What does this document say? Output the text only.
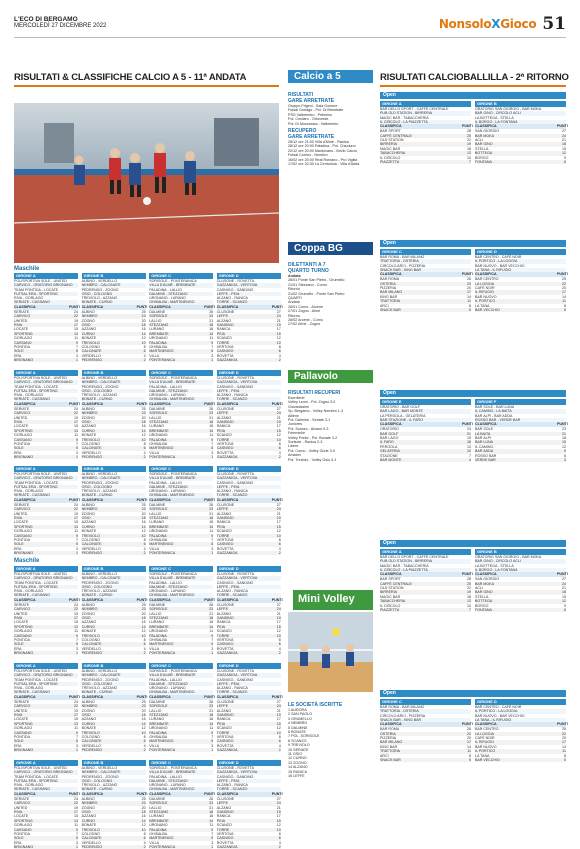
L'ECO DI BERGAMO
MERCOLEDÌ 27 DICEMBRE 2022	NonsoloXGioco 51
RISULTATI & CLASSIFICHE CALCIO A 5 - 11ª ANDATA
Maschile
GIRONE A
POLISPORTIVA SOLE - UNITED
CARVICO - ORATORIO BRIGNANO
TEAM PONTIDA - LOCATE
FUTSAL ERA - SPORTING
RIVA - GORLAGO
SERIATE - CASSANO
CLASSIFICA	PUNTI
SERIATE	24
CARVICO	22
UNITED	19
RIVA	17
LOCATE	15
SPORTING	13
GORLAGO	11
CASSANO	9
PONTIDA	7
SOLE	5
ERA	3
BRIGNANO	1
GIRONE B
ALBINO - VERDELLO
NEMBRO - CALCINATE
PEDRENGO - ZOGNO
OSIO - COLOGNO
TREVIOLO - AZZANO
BONATE - CURNO
CLASSIFICA	PUNTI
ALBINO	25
NEMBRO	23
ZOGNO	20
OSIO	18
AZZANO	16
CURNO	14
BONATE	12
TREVIOLO	10
COLOGNO	8
CALCINATE	6
VERDELLO	4
PEDRENGO	2
GIRONE C
SORISOLE - PONTERANICA
VILLA D'ALMÈ - BREMBATE
PALADINA - LALLIO
DALMINE - STEZZANO
URGNANO - LURANO
GHISALBA - MARTINENGO
CLASSIFICA	PUNTI
DALMINE	26
SORISOLE	23
LALLIO	21
STEZZANO	18
LURANO	16
BREMBATE	14
URGNANO	11
PALADINA	9
GHISALBA	7
MARTINENGO	5
VILLA	3
PONTERANICA	1
GIRONE D
CLUSONE - ROVETTA
GAZZANIGA - VERTOVA
CASNIGO - GANDINO
LEFFE - PEIA
ALZANO - RANICA
TORRE - SCANZO
CLASSIFICA	PUNTI
CLUSONE	27
LEFFE	24
ALZANO	21
GANDINO	19
RANICA	17
PEIA	15
SCANZO	12
TORRE	10
VERTOVA	8
CASNIGO	6
ROVETTA	4
GAZZANIGA	2
GIRONE A
POLISPORTIVA SOLE - UNITED
CARVICO - ORATORIO BRIGNANO
TEAM PONTIDA - LOCATE
FUTSAL ERA - SPORTING
RIVA - GORLAGO
SERIATE - CASSANO
CLASSIFICA	PUNTI
SERIATE	24
CARVICO	22
UNITED	19
RIVA	17
LOCATE	15
SPORTING	13
GORLAGO	11
CASSANO	9
PONTIDA	7
SOLE	5
ERA	3
BRIGNANO	1
GIRONE B
ALBINO - VERDELLO
NEMBRO - CALCINATE
PEDRENGO - ZOGNO
OSIO - COLOGNO
TREVIOLO - AZZANO
BONATE - CURNO
CLASSIFICA	PUNTI
ALBINO	25
NEMBRO	23
ZOGNO	20
OSIO	18
AZZANO	16
CURNO	14
BONATE	12
TREVIOLO	10
COLOGNO	8
CALCINATE	6
VERDELLO	4
PEDRENGO	2
GIRONE C
SORISOLE - PONTERANICA
VILLA D'ALMÈ - BREMBATE
PALADINA - LALLIO
DALMINE - STEZZANO
URGNANO - LURANO
GHISALBA - MARTINENGO
CLASSIFICA	PUNTI
DALMINE	26
SORISOLE	23
LALLIO	21
STEZZANO	18
LURANO	16
BREMBATE	14
URGNANO	11
PALADINA	9
GHISALBA	7
MARTINENGO	5
VILLA	3
PONTERANICA	1
GIRONE D
CLUSONE - ROVETTA
GAZZANIGA - VERTOVA
CASNIGO - GANDINO
LEFFE - PEIA
ALZANO - RANICA
TORRE - SCANZO
CLASSIFICA	PUNTI
CLUSONE	27
LEFFE	24
ALZANO	21
GANDINO	19
RANICA	17
PEIA	15
SCANZO	12
TORRE	10
VERTOVA	8
CASNIGO	6
ROVETTA	4
GAZZANIGA	2
GIRONE A
POLISPORTIVA SOLE - UNITED
CARVICO - ORATORIO BRIGNANO
TEAM PONTIDA - LOCATE
FUTSAL ERA - SPORTING
RIVA - GORLAGO
SERIATE - CASSANO
CLASSIFICA	PUNTI
SERIATE	24
CARVICO	22
UNITED	19
RIVA	17
LOCATE	15
SPORTING	13
GORLAGO	11
CASSANO	9
PONTIDA	7
SOLE	5
ERA	3
BRIGNANO	1
GIRONE B
ALBINO - VERDELLO
NEMBRO - CALCINATE
PEDRENGO - ZOGNO
OSIO - COLOGNO
TREVIOLO - AZZANO
BONATE - CURNO
CLASSIFICA	PUNTI
ALBINO	25
NEMBRO	23
ZOGNO	20
OSIO	18
AZZANO	16
CURNO	14
BONATE	12
TREVIOLO	10
COLOGNO	8
CALCINATE	6
VERDELLO	4
PEDRENGO	2
GIRONE C
SORISOLE - PONTERANICA
VILLA D'ALMÈ - BREMBATE
PALADINA - LALLIO
DALMINE - STEZZANO
URGNANO - LURANO
GHISALBA - MARTINENGO
CLASSIFICA	PUNTI
DALMINE	26
SORISOLE	23
LALLIO	21
STEZZANO	18
LURANO	16
BREMBATE	14
URGNANO	11
PALADINA	9
GHISALBA	7
MARTINENGO	5
VILLA	3
PONTERANICA	1
GIRONE D
CLUSONE - ROVETTA
GAZZANIGA - VERTOVA
CASNIGO - GANDINO
LEFFE - PEIA
ALZANO - RANICA
TORRE - SCANZO
CLASSIFICA	PUNTI
CLUSONE	27
LEFFE	24
ALZANO	21
GANDINO	19
RANICA	17
PEIA	15
SCANZO	12
TORRE	10
VERTOVA	8
CASNIGO	6
ROVETTA	4
GAZZANIGA	2
GIRONE A
POLISPORTIVA SOLE - UNITED
CARVICO - ORATORIO BRIGNANO
TEAM PONTIDA - LOCATE
FUTSAL ERA - SPORTING
RIVA - GORLAGO
SERIATE - CASSANO
CLASSIFICA	PUNTI
SERIATE	24
CARVICO	22
UNITED	19
RIVA	17
LOCATE	15
SPORTING	13
GORLAGO	11
CASSANO	9
PONTIDA	7
SOLE	5
ERA	3
BRIGNANO	1
GIRONE B
ALBINO - VERDELLO
NEMBRO - CALCINATE
PEDRENGO - ZOGNO
OSIO - COLOGNO
TREVIOLO - AZZANO
BONATE - CURNO
CLASSIFICA	PUNTI
ALBINO	25
NEMBRO	23
ZOGNO	20
OSIO	18
AZZANO	16
CURNO	14
BONATE	12
TREVIOLO	10
COLOGNO	8
CALCINATE	6
VERDELLO	4
PEDRENGO	2
GIRONE C
SORISOLE - PONTERANICA
VILLA D'ALMÈ - BREMBATE
PALADINA - LALLIO
DALMINE - STEZZANO
URGNANO - LURANO
GHISALBA - MARTINENGO
CLASSIFICA	PUNTI
DALMINE	26
SORISOLE	23
LALLIO	21
STEZZANO	18
LURANO	16
BREMBATE	14
URGNANO	11
PALADINA	9
GHISALBA	7
MARTINENGO	5
VILLA	3
PONTERANICA	1
GIRONE D
CLUSONE - ROVETTA
GAZZANIGA - VERTOVA
CASNIGO - GANDINO
LEFFE - PEIA
ALZANO - RANICA
TORRE - SCANZO
CLASSIFICA	PUNTI
CLUSONE	27
LEFFE	24
ALZANO	21
GANDINO	19
RANICA	17
PEIA	15
SCANZO	12
TORRE	10
VERTOVA	8
CASNIGO	6
ROVETTA	4
GAZZANIGA	2
GIRONE A
POLISPORTIVA SOLE - UNITED
CARVICO - ORATORIO BRIGNANO
TEAM PONTIDA - LOCATE
FUTSAL ERA - SPORTING
RIVA - GORLAGO
SERIATE - CASSANO
CLASSIFICA	PUNTI
SERIATE	24
CARVICO	22
UNITED	19
RIVA	17
LOCATE	15
SPORTING	13
GORLAGO	11
CASSANO	9
PONTIDA	7
SOLE	5
ERA	3
BRIGNANO	1
GIRONE B
ALBINO - VERDELLO
NEMBRO - CALCINATE
PEDRENGO - ZOGNO
OSIO - COLOGNO
TREVIOLO - AZZANO
BONATE - CURNO
CLASSIFICA	PUNTI
ALBINO	25
NEMBRO	23
ZOGNO	20
OSIO	18
AZZANO	16
CURNO	14
BONATE	12
TREVIOLO	10
COLOGNO	8
CALCINATE	6
VERDELLO	4
PEDRENGO	2
GIRONE C
SORISOLE - PONTERANICA
VILLA D'ALMÈ - BREMBATE
PALADINA - LALLIO
DALMINE - STEZZANO
URGNANO - LURANO
GHISALBA - MARTINENGO
CLASSIFICA	PUNTI
DALMINE	26
SORISOLE	23
LALLIO	21
STEZZANO	18
LURANO	16
BREMBATE	14
URGNANO	11
PALADINA	9
GHISALBA	7
MARTINENGO	5
VILLA	3
PONTERANICA	1
GIRONE D
CLUSONE - ROVETTA
GAZZANIGA - VERTOVA
CASNIGO - GANDINO
LEFFE - PEIA
ALZANO - RANICA
TORRE - SCANZO
CLASSIFICA	PUNTI
CLUSONE	27
LEFFE	24
ALZANO	21
GANDINO	19
RANICA	17
PEIA	15
SCANZO	12
TORRE	10
VERTOVA	8
CASNIGO	6
ROVETTA	4
GAZZANIGA	2
GIRONE A
POLISPORTIVA SOLE - UNITED
CARVICO - ORATORIO BRIGNANO
TEAM PONTIDA - LOCATE
FUTSAL ERA - SPORTING
RIVA - GORLAGO
SERIATE - CASSANO
CLASSIFICA	PUNTI
SERIATE	24
CARVICO	22
UNITED	19
RIVA	17
LOCATE	15
SPORTING	13
GORLAGO	11
CASSANO	9
PONTIDA	7
SOLE	5
ERA	3
BRIGNANO	1
GIRONE B
ALBINO - VERDELLO
NEMBRO - CALCINATE
PEDRENGO - ZOGNO
OSIO - COLOGNO
TREVIOLO - AZZANO
BONATE - CURNO
CLASSIFICA	PUNTI
ALBINO	25
NEMBRO	23
ZOGNO	20
OSIO	18
AZZANO	16
CURNO	14
BONATE	12
TREVIOLO	10
COLOGNO	8
CALCINATE	6
VERDELLO	4
PEDRENGO	2
GIRONE C
SORISOLE - PONTERANICA
VILLA D'ALMÈ - BREMBATE
PALADINA - LALLIO
DALMINE - STEZZANO
URGNANO - LURANO
GHISALBA - MARTINENGO
CLASSIFICA	PUNTI
DALMINE	26
SORISOLE	23
LALLIO	21
STEZZANO	18
LURANO	16
BREMBATE	14
URGNANO	11
PALADINA	9
GHISALBA	7
MARTINENGO	5
VILLA	3
PONTERANICA	1
GIRONE D
CLUSONE - ROVETTA
GAZZANIGA - VERTOVA
CASNIGO - GANDINO
LEFFE - PEIA
ALZANO - RANICA
TORRE - SCANZO
CLASSIFICA	PUNTI
CLUSONE	27
LEFFE	24
ALZANO	21
GANDINO	19
RANICA	17
PEIA	15
SCANZO	12
TORRE	10
VERTOVA	8
CASNIGO	6
ROVETTA	4
GAZZANIGA	2
Maschile
Calcio a 5
RISULTATI
GARE ARRETRATE
Gruppo Frigeni - Sala Gomme
Futsal Gorlago - Pol. Di Brembate
PSG Valbrembo - Petosino
Pol. Credaro - Ortoverde
Pol. Di Mozzanica - Valbrembo
RECUPERO
GARE ARRETRATE
28/12 ore 21:00 Villa d'Almè - Ranica
28/12 ore 20:00 Paladina - Pol. Chiuduno
22/12 ore 20:00 Mantovano - Brivio Calcio
Futsal Corneo - Nembro
16/02 ore 20:00 Real Romano - Pro Vigilia
17/02 ore 20:30 La Centuriola - Villa d'Adda
Coppa BG
DILETTANTI A 7
QUARTO TURNO
Andata
28/01 Ponte San Pietro - Grumello
21/01 Stezzano - Curno
Ritorno
21/02 Grumello - Ponte San Pietro
QUARTI
Andata
28/01 Curno - Arcene
27/01 Zogno - Almè
Ritorno
28/02 Arcene - Curno
27/02 Almè - Zogno
Pallavolo
RISULTATI RECUPERI
Esordienti
Volley Leoni - Pol. Zogno 3-0
Giovanissimi
Sp. Bergamo - Volley Nembro 1-3
Allieve
Pol. Dalmine - Seriate 3-1
Juniores
Pol. Scanzo - Alzano 0-3
Femminile
Volley Ponte - Pol. Bonate 3-2
Sorisole - Ranica 2-3
Libere
Pol. Curno - Volley Gorle 3-0
Amatori
Pol. Treviolo - Volley Osio 3-1
Mini Volley
LE SOCIETÀ ISCRITTE
1 AURORA
2 SAN PAOLO
3 GRUMELLO
4 NEMBRO
5 DALMINE
6 BONATE
7 POL. SORISOLE
8 SCANZO
9 TREVIOLO
10 SERIATE
11 OSIO
12 CURNO
13 ZOGNO
14 ALZANO
15 RANICA
16 LEFFE
RISULTATI CALCIOBALLILLA - 2ª RITORNO
Open
GIRONE A
BAR DELLO SPORT - CAFFÈ CENTRALE
PUB OLD STATION - BIRRERIA
MAGIC BAR - TABACCHERIA
IL CIRCOLO - LA PIAZZETTA
CLASSIFICA	PUNTI
BAR SPORT	28
CAFFÈ CENTRALE	25
OLD STATION	22
BIRRERIA	19
MAGIC BAR	16
TABACCHERIA	13
IL CIRCOLO	10
PIAZZETTA	7
GIRONE B
ORATORIO SAN GIORGIO - BAR MOKA
BAR GINO - CIRCOLO ACLI
LA BOTTEGA - STELLA
IL BORGO - LA FONTANA
CLASSIFICA	PUNTI
SAN GIORGIO	27
BAR MOKA	24
ACLI	21
BAR GINO	18
STELLA	15
BOTTEGA	12
BORGO	9
FONTANA	6
Open
GIRONE C
BAR ROMA - BAR MILANO
TRATTORIA - OSTERIA
CIRCOLO ARCI - PIZZERIA
SNACK BAR - KING BAR
CLASSIFICA	PUNTI
BAR ROMA	26
OSTERIA	23
PIZZERIA	20
BAR MILANO	17
KING BAR	14
TRATTORIA	11
ARCI	8
SNACK BAR	5
GIRONE D
BAR CENTRO - CAFÈ NOIR
IL PORTICO - LA LOGGIA
BAR NUOVO - BAR VECCHIO
LA TANA - IL RIFUGIO
CLASSIFICA	PUNTI
BAR CENTRO	25
LA LOGGIA	22
CAFÈ NOIR	20
IL RIFUGIO	17
BAR NUOVO	14
IL PORTICO	11
LA TANA	8
BAR VECCHIO	5
Open
GIRONE E
ORATORIO - BAR GOLF
BAR LAGO - BAR MONTE
LA PERGOLA - GELATERIA
BAR STAZIONE - IL FARO
CLASSIFICA	PUNTI
ORATORIO	24
BAR GOLF	21
BAR LAGO	19
IL FARO	16
PERGOLA	13
GELATERIA	10
STAZIONE	7
BAR MONTE	4
GIRONE F
BAR SOLE - BAR LUNA
IL CAMINO - LA BAITA
BAR ALPI - BAR ADDA
ROSSO BAR - VERDE BAR
CLASSIFICA	PUNTI
BAR SOLE	23
LA BAITA	21
BAR ALPI	18
BAR LUNA	15
IL CAMINO	12
BAR ADDA	9
ROSSO BAR	6
VERDE BAR	3
Open
GIRONE A
BAR DELLO SPORT - CAFFÈ CENTRALE
PUB OLD STATION - BIRRERIA
MAGIC BAR - TABACCHERIA
IL CIRCOLO - LA PIAZZETTA
CLASSIFICA	PUNTI
BAR SPORT	28
CAFFÈ CENTRALE	25
OLD STATION	22
BIRRERIA	19
MAGIC BAR	16
TABACCHERIA	13
IL CIRCOLO	10
PIAZZETTA	7
GIRONE B
ORATORIO SAN GIORGIO - BAR MOKA
BAR GINO - CIRCOLO ACLI
LA BOTTEGA - STELLA
IL BORGO - LA FONTANA
CLASSIFICA	PUNTI
SAN GIORGIO	27
BAR MOKA	24
ACLI	21
BAR GINO	18
STELLA	15
BOTTEGA	12
BORGO	9
FONTANA	6
Open
GIRONE C
BAR ROMA - BAR MILANO
TRATTORIA - OSTERIA
CIRCOLO ARCI - PIZZERIA
SNACK BAR - KING BAR
CLASSIFICA	PUNTI
BAR ROMA	26
OSTERIA	23
PIZZERIA	20
BAR MILANO	17
KING BAR	14
TRATTORIA	11
ARCI	8
SNACK BAR	5
GIRONE D
BAR CENTRO - CAFÈ NOIR
IL PORTICO - LA LOGGIA
BAR NUOVO - BAR VECCHIO
LA TANA - IL RIFUGIO
CLASSIFICA	PUNTI
BAR CENTRO	25
LA LOGGIA	22
CAFÈ NOIR	20
IL RIFUGIO	17
BAR NUOVO	14
IL PORTICO	11
LA TANA	8
BAR VECCHIO	5
